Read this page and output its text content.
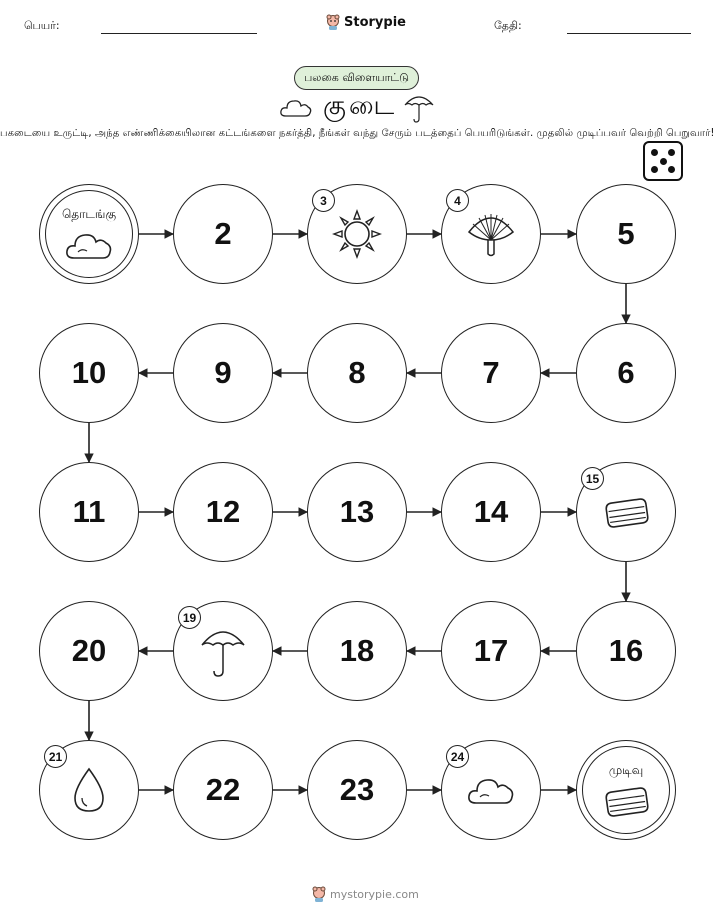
பெயர்:	Storypie	தேதி:
பலகை விளையாட்டு
குடை
பகடையை உருட்டி, அந்த எண்ணிக்கையிலான கட்டங்களை நகர்த்தி, நீங்கள் வந்து சேரும் படத்தைப் பெயரிடுங்கள். முதலில் முடிப்பவர் வெற்றி பெறுவார்!
தொடங்கு
2
3	4
5
6
7
8
9
10
11	12	13	14
15
16
17
18
19
20
21
22	23
24
முடிவு
mystorypie.com
